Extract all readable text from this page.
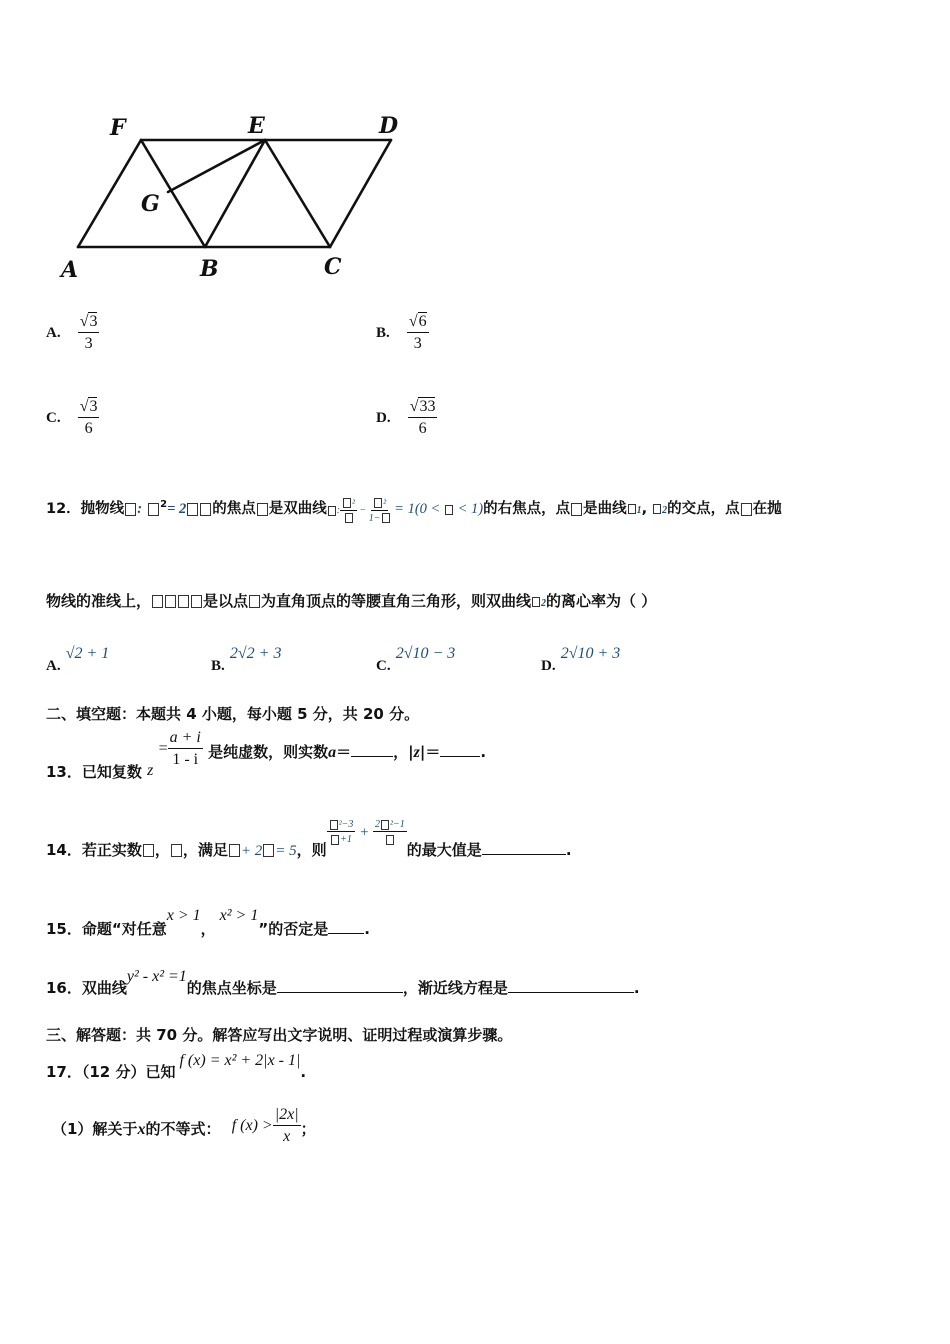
F	E	D
G
A	B	C
A. $\frac{√3}{3}$	B. $\frac{√6}{3}$
C. $\frac{√3}{6}$	D. $\frac{√33}{6}$
12．抛物线 : $^2$= 2 的焦点 是双曲线 :
²
− $\frac{\text{²}}{1-} = 1(0$ <  < 1)的右焦点，点 是曲线 1, 2的交点，点 在抛
物线的准线上，	是以点 为直角顶点的等腰直角三角形，则双曲线 2的离心率为（ ）
A. √2 + 1
B. 2√2 + 3
C. 2√10 − 3
D. 2√10 + 3
二、填空题：本题共 4 小题，每小题 5 分，共 20 分。
13．已知复数 $z = \frac{a + i}{1 - i}$ 是纯虚数，则实数a＝	，|z|＝	.
14．若正实数 ， ，满足 + 2 = 5，则
$\frac{\text{²−3}}{+1} + 2$ ²−1
的最大值是	.
15．命题“对任意x > 1，x² > 1”的否定是 .
16．双曲线y² - x² =1的焦点坐标是	，渐近线方程是	.
三、解答题：共 70 分。解答应写出文字说明、证明过程或演算步骤。
17．（12 分）已知f (x) = x² + 2|x - 1|.
（1）解关于x的不等式： f $(x) > \frac{|2x|}{x}$ ；
